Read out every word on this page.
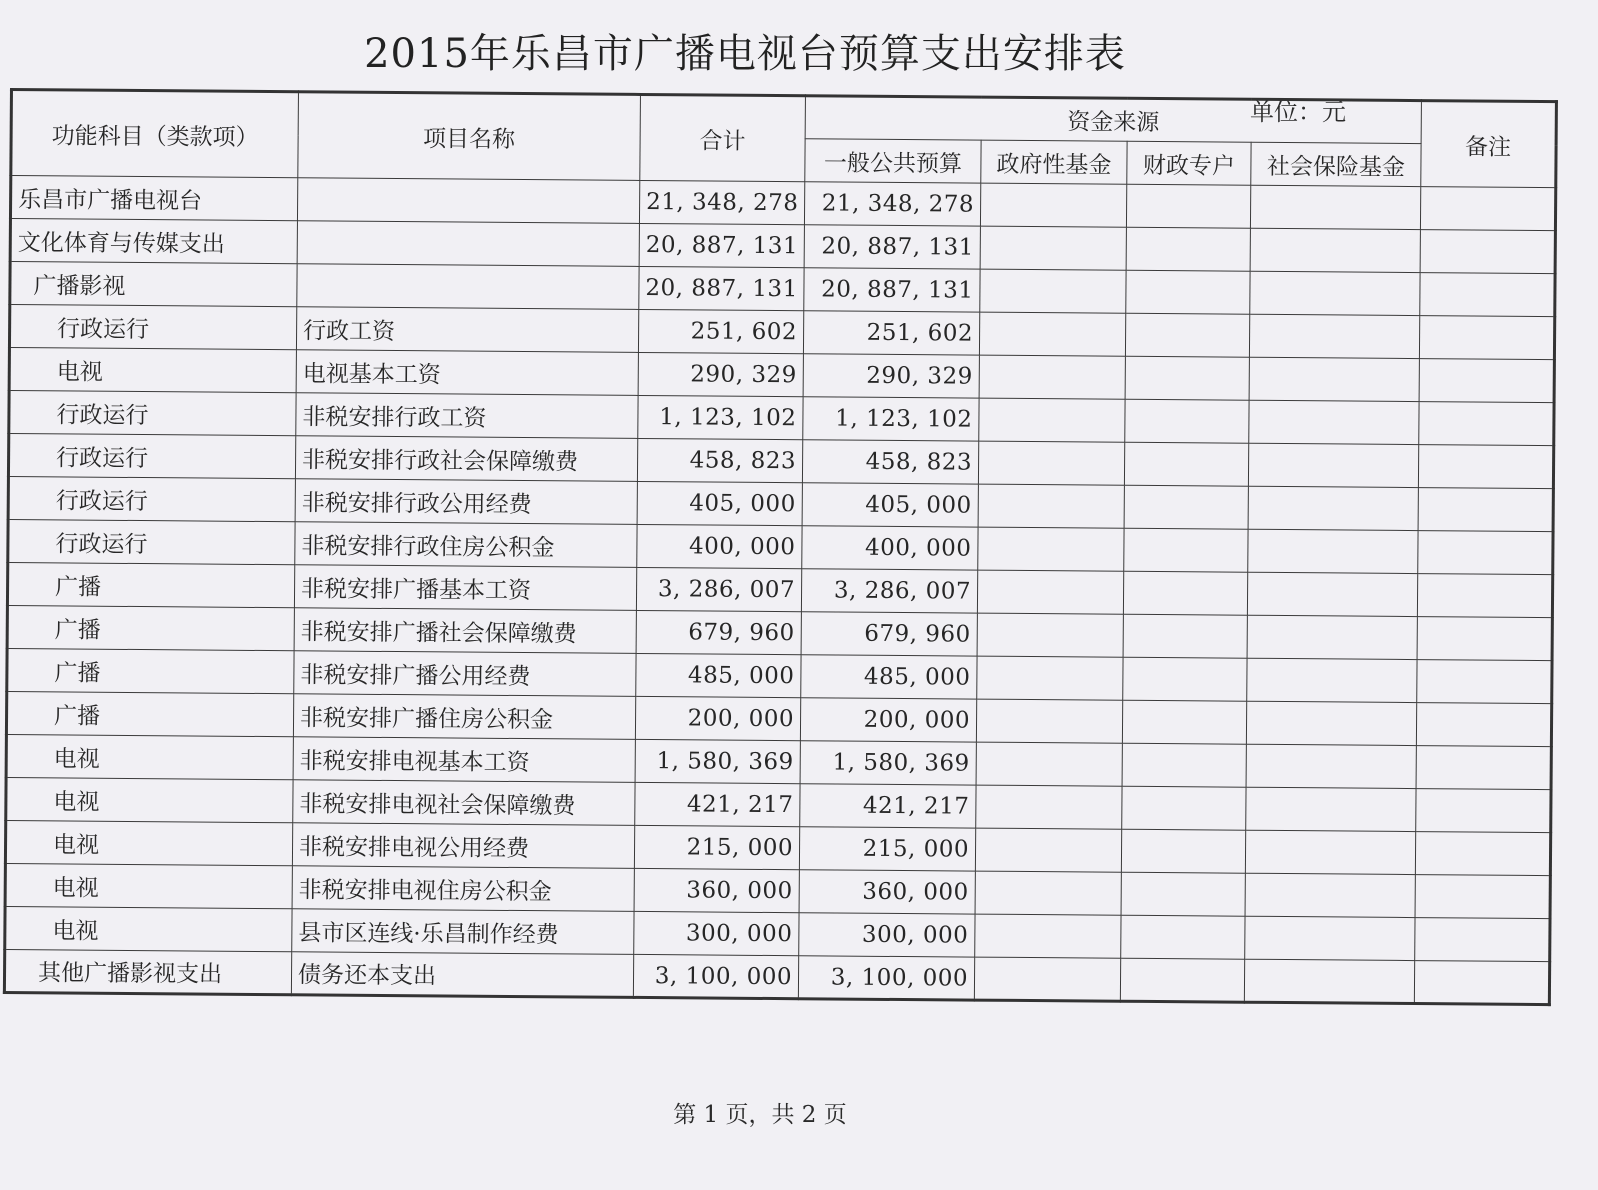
2015年乐昌市广播电视台预算支出安排表
单位：元
功能科目（类款项）	项目名称	合计	资金来源				备注
			一般公共预算	政府性基金	财政专户	社会保险基金	
乐昌市广播电视台		21, 348, 278	21, 348, 278				
文化体育与传媒支出		20, 887, 131	20, 887, 131				
广播影视		20, 887, 131	20, 887, 131				
行政运行	行政工资	251, 602	251, 602				
电视	电视基本工资	290, 329	290, 329				
行政运行	非税安排行政工资	1, 123, 102	1, 123, 102				
行政运行	非税安排行政社会保障缴费	458, 823	458, 823				
行政运行	非税安排行政公用经费	405, 000	405, 000				
行政运行	非税安排行政住房公积金	400, 000	400, 000				
广播	非税安排广播基本工资	3, 286, 007	3, 286, 007				
广播	非税安排广播社会保障缴费	679, 960	679, 960				
广播	非税安排广播公用经费	485, 000	485, 000				
广播	非税安排广播住房公积金	200, 000	200, 000				
电视	非税安排电视基本工资	1, 580, 369	1, 580, 369				
电视	非税安排电视社会保障缴费	421, 217	421, 217				
电视	非税安排电视公用经费	215, 000	215, 000				
电视	非税安排电视住房公积金	360, 000	360, 000				
电视	县市区连线·乐昌制作经费	300, 000	300, 000				
其他广播影视支出	债务还本支出	3, 100, 000	3, 100, 000				
第 1 页，共 2 页
